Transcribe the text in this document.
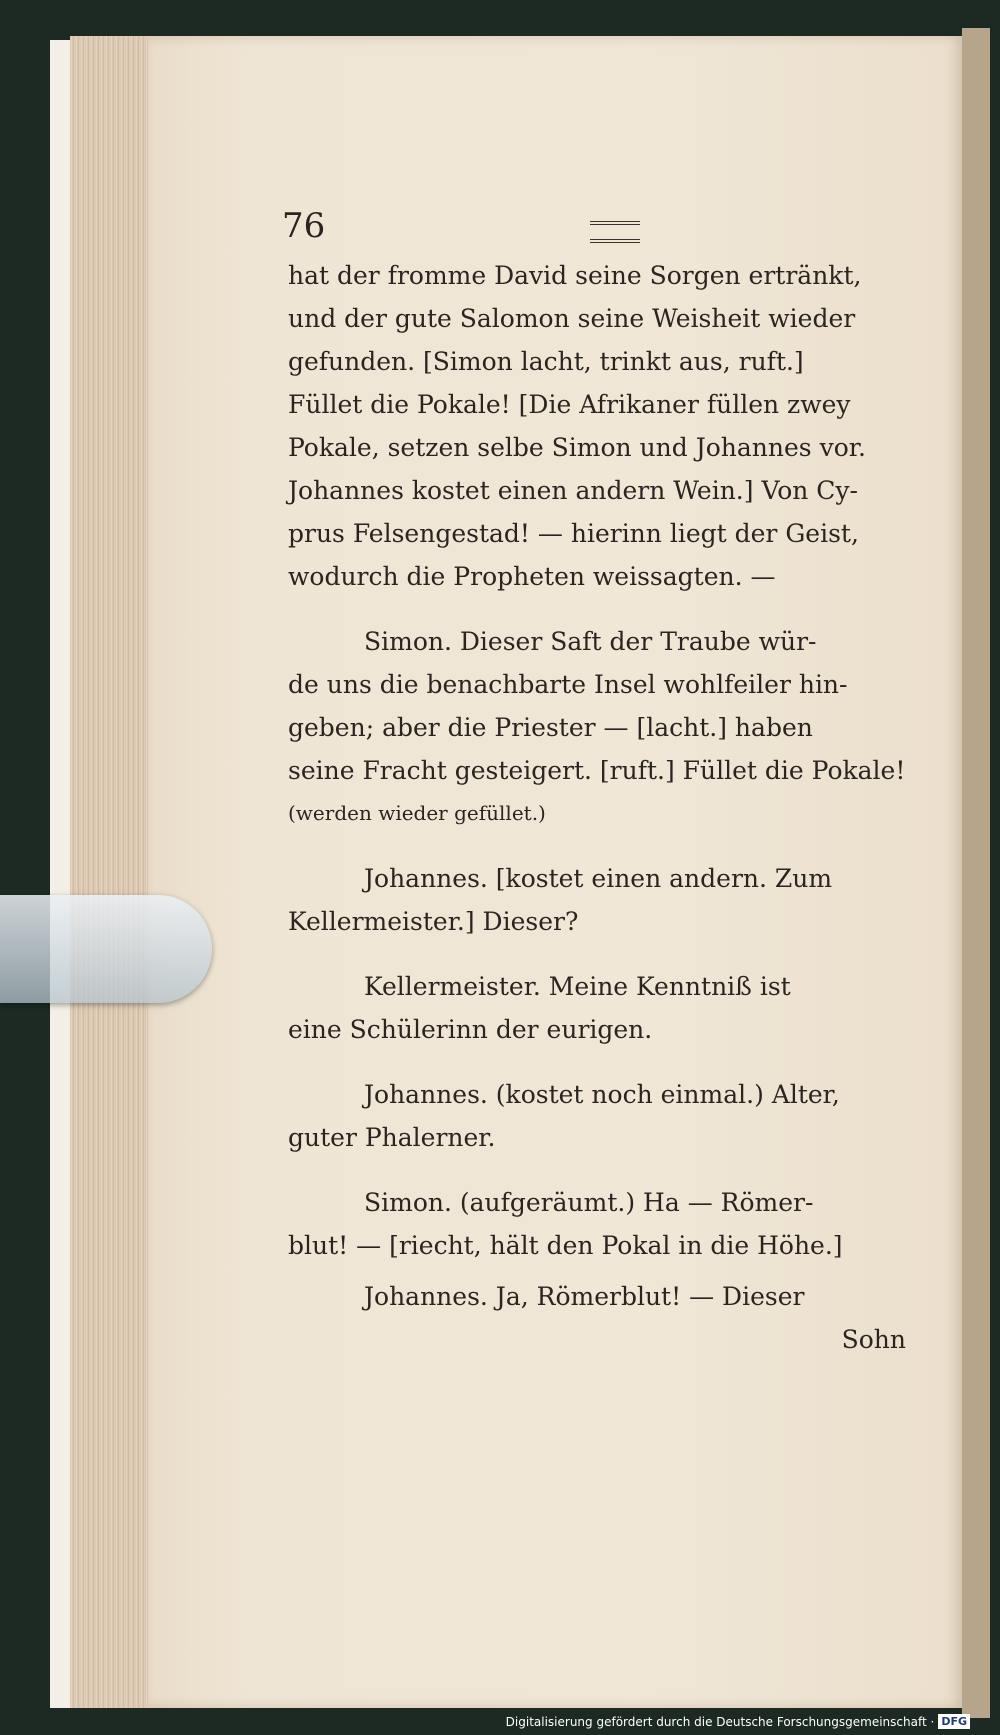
76
hat der fromme David seine Sorgen ertränkt,
und der gute Salomon seine Weisheit wieder
gefunden. [Simon lacht, trinkt aus, ruft.]
Füllet die Pokale! [Die Afrikaner füllen zwey
Pokale, setzen selbe Simon und Johannes vor.
Johannes kostet einen andern Wein.] Von Cy-
prus Felsengestad! — hierinn liegt der Geist,
wodurch die Propheten weissagten. —
Simon. Dieser Saft der Traube wür-
de uns die benachbarte Insel wohlfeiler hin-
geben; aber die Priester — [lacht.] haben
seine Fracht gesteigert. [ruft.] Füllet die Pokale!
(werden wieder gefüllet.)
Johannes. [kostet einen andern. Zum
Kellermeister.] Dieser?
Kellermeister. Meine Kenntniß ist
eine Schülerinn der eurigen.
Johannes. (kostet noch einmal.) Alter,
guter Phalerner.
Simon. (aufgeräumt.) Ha — Römer-
blut! — [riecht, hält den Pokal in die Höhe.]
Johannes. Ja, Römerblut! — Dieser
Sohn
Digitalisierung gefördert durch die Deutsche Forschungsgemeinschaft · DFG
